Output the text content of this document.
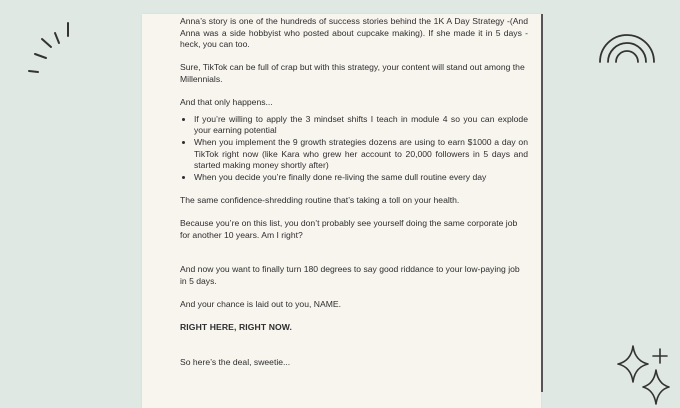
Anna’s story is one of the hundreds of success stories behind the 1K A Day Strategy -(And Anna was a side hobbyist who posted about cupcake making). If she made it in 5 days - heck, you can too.

Sure, TikTok can be full of crap but with this strategy, your content will stand out among the Millennials.

And that only happens...

• If you’re willing to apply the 3 mindset shifts I teach in module 4 so you can explode your earning potential
• When you implement the 9 growth strategies dozens are using to earn $1000 a day on TikTok right now (like Kara who grew her account to 20,000 followers in 5 days and started making money shortly after)
• When you decide you’re finally done re-living the same dull routine every day

The same confidence-shredding routine that’s taking a toll on your health.

Because you’re on this list, you don’t probably see yourself doing the same corporate job for another 10 years. Am I right?

And now you want to finally turn 180 degrees to say good riddance to your low-paying job in 5 days.

And your chance is laid out to you, NAME.

RIGHT HERE, RIGHT NOW.

So here’s the deal, sweetie...
